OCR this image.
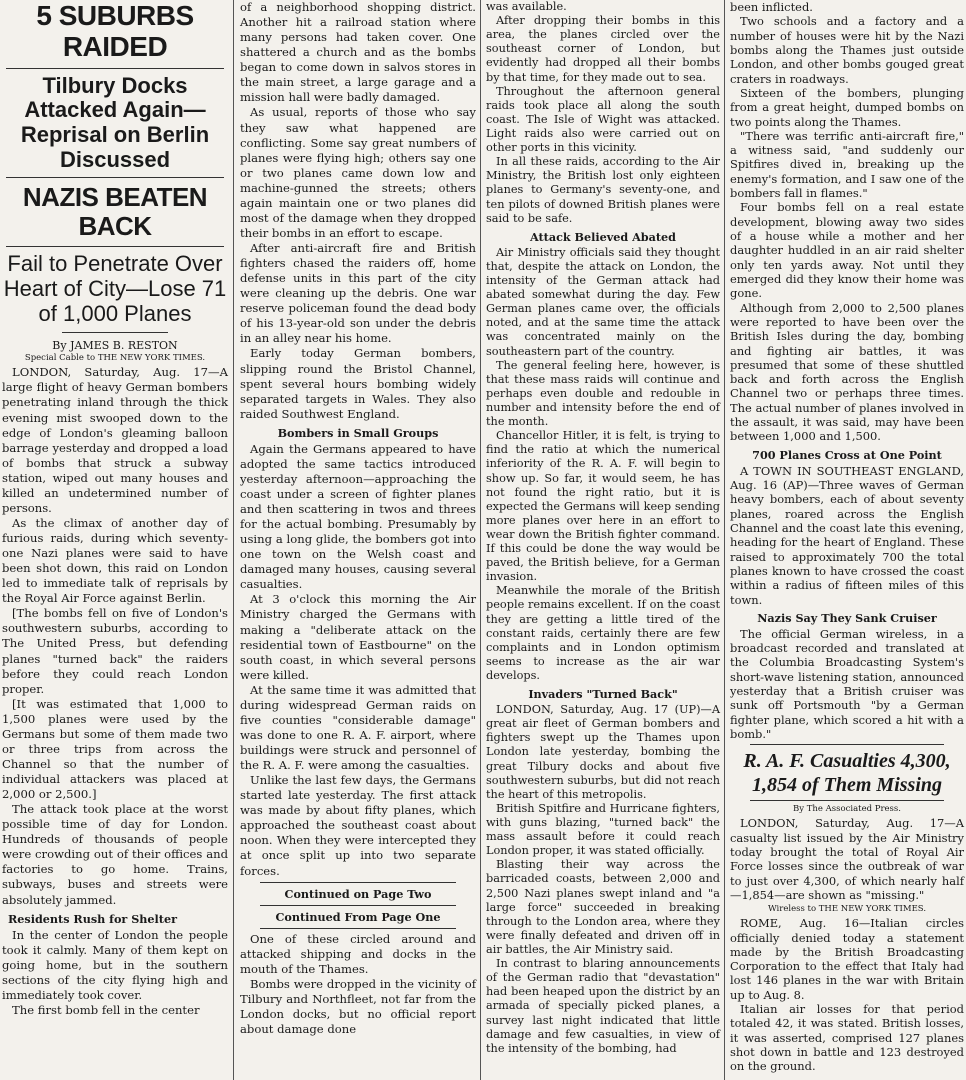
5 SUBURBS RAIDED
Tilbury Docks Attacked Again—Reprisal on Berlin Discussed
NAZIS BEATEN BACK
Fail to Penetrate Over Heart of City—Lose 71 of 1,000 Planes
By JAMES B. RESTON
Special Cable to THE NEW YORK TIMES.

LONDON, Saturday, Aug. 17—A large flight of heavy German bombers penetrating inland through the thick evening mist swooped down to the edge of London's gleaming balloon barrage yesterday and dropped a load of bombs that struck a subway station, wiped out many houses and killed an undetermined number of persons.

As the climax of another day of furious raids, during which seventy-one Nazi planes were said to have been shot down, this raid on London led to immediate talk of reprisals by the Royal Air Force against Berlin.

[The bombs fell on five of London's southwestern suburbs, according to The United Press, but defending planes "turned back" the raiders before they could reach London proper.

[It was estimated that 1,000 to 1,500 planes were used by the Germans but some of them made two or three trips from across the Channel so that the number of individual attackers was placed at 2,000 or 2,500.]

The attack took place at the worst possible time of day for London. Hundreds of thousands of people were crowding out of their offices and factories to go home. Trains, subways, buses and streets were absolutely jammed.

Residents Rush for Shelter

In the center of London the people took it calmly. Many of them kept on going home, but in the southern sections of the city flying high and immediately took cover.

The first bomb fell in the center

of a neighborhood shopping district. Another hit a railroad station where many persons had taken cover. One shattered a church and as the bombs began to come down in salvos stores in the main street, a large garage and a mission hall were badly damaged.

As usual, reports of those who say they saw what happened are conflicting. Some say great numbers of planes were flying high; others say one or two planes came down low and machine-gunned the streets; others again maintain one or two planes did most of the damage when they dropped their bombs in an effort to escape.

After anti-aircraft fire and British fighters chased the raiders off, home defense units in this part of the city were cleaning up the debris. One war reserve policeman found the dead body of his 13-year-old son under the debris in an alley near his home.

Early today German bombers, slipping round the Bristol Channel, spent several hours bombing widely separated targets in Wales. They also raided Southwest England.

Bombers in Small Groups

Again the Germans appeared to have adopted the same tactics introduced yesterday afternoon—approaching the coast under a screen of fighter planes and then scattering in twos and threes for the actual bombing. Presumably by using a long glide, the bombers got into one town on the Welsh coast and damaged many houses, causing several casualties.

At 3 o'clock this morning the Air Ministry charged the Germans with making a "deliberate attack on the residential town of Eastbourne" on the south coast, in which several persons were killed.

At the same time it was admitted that during widespread German raids on five counties "considerable damage" was done to one R. A. F. airport, where buildings were struck and personnel of the R. A. F. were among the casualties.

Unlike the last few days, the Germans started late yesterday. The first attack was made by about fifty planes, which approached the southeast coast about noon. When they were intercepted they at once split up into two separate forces.

Continued on Page Two
Continued From Page One

One of these circled around and attacked shipping and docks in the mouth of the Thames.

Bombs were dropped in the vicinity of Tilbury and Northfleet, not far from the London docks, but no official report about damage done

was available.

After dropping their bombs in this area, the planes circled over the southeast corner of London, but evidently had dropped all their bombs by that time, for they made out to sea.

Throughout the afternoon general raids took place all along the south coast. The Isle of Wight was attacked. Light raids also were carried out on other ports in this vicinity.

In all these raids, according to the Air Ministry, the British lost only eighteen planes to Germany's seventy-one, and ten pilots of downed British planes were said to be safe.

Attack Believed Abated

Air Ministry officials said they thought that, despite the attack on London, the intensity of the German attack had abated somewhat during the day. Few German planes came over, the officials noted, and at the same time the attack was concentrated mainly on the southeastern part of the country.

The general feeling here, however, is that these mass raids will continue and perhaps even double and redouble in number and intensity before the end of the month.

Chancellor Hitler, it is felt, is trying to find the ratio at which the numerical inferiority of the R. A. F. will begin to show up. So far, it would seem, he has not found the right ratio, but it is expected the Germans will keep sending more planes over here in an effort to wear down the British fighter command. If this could be done the way would be paved, the British believe, for a German invasion.

Meanwhile the morale of the British people remains excellent. If on the coast they are getting a little tired of the constant raids, certainly there are few complaints and in London optimism seems to increase as the air war develops.

Invaders "Turned Back"

LONDON, Saturday, Aug. 17 (UP)—A great air fleet of German bombers and fighters swept up the Thames upon London late yesterday, bombing the great Tilbury docks and about five southwestern suburbs, but did not reach the heart of this metropolis.

British Spitfire and Hurricane fighters, with guns blazing, "turned back" the mass assault before it could reach London proper, it was stated officially.

Blasting their way across the barricaded coasts, between 2,000 and 2,500 Nazi planes swept inland and "a large force" succeeded in breaking through to the London area, where they were finally defeated and driven off in air battles, the Air Ministry said.

In contrast to blaring announcements of the German radio that "devastation" had been heaped upon the district by an armada of specially picked planes, a survey last night indicated that little damage and few casualties, in view of the intensity of the bombing, had

been inflicted.

Two schools and a factory and a number of houses were hit by the Nazi bombs along the Thames just outside London, and other bombs gouged great craters in roadways.

Sixteen of the bombers, plunging from a great height, dumped bombs on two points along the Thames.

"There was terrific anti-aircraft fire," a witness said, "and suddenly our Spitfires dived in, breaking up the enemy's formation, and I saw one of the bombers fall in flames."

Four bombs fell on a real estate development, blowing away two sides of a house while a mother and her daughter huddled in an air raid shelter only ten yards away. Not until they emerged did they know their home was gone.

Although from 2,000 to 2,500 planes were reported to have been over the British Isles during the day, bombing and fighting air battles, it was presumed that some of these shuttled back and forth across the English Channel two or perhaps three times. The actual number of planes involved in the assault, it was said, may have been between 1,000 and 1,500.

700 Planes Cross at One Point

A TOWN IN SOUTHEAST ENGLAND, Aug. 16 (AP)—Three waves of German heavy bombers, each of about seventy planes, roared across the English Channel and the coast late this evening, heading for the heart of England. These raised to approximately 700 the total planes known to have crossed the coast within a radius of fifteen miles of this town.

Nazis Say They Sank Cruiser

The official German wireless, in a broadcast recorded and translated at the Columbia Broadcasting System's short-wave listening station, announced yesterday that a British cruiser was sunk off Portsmouth "by a German fighter plane, which scored a hit with a bomb."

R. A. F. Casualties 4,300, 1,854 of Them Missing
By The Associated Press.

LONDON, Saturday, Aug. 17—A casualty list issued by the Air Ministry today brought the total of Royal Air Force losses since the outbreak of war to just over 4,300, of which nearly half—1,854—are shown as "missing."

Wireless to THE NEW YORK TIMES.

ROME, Aug. 16—Italian circles officially denied today a statement made by the British Broadcasting Corporation to the effect that Italy had lost 146 planes in the war with Britain up to Aug. 8.

Italian air losses for that period totaled 42, it was stated. British losses, it was asserted, comprised 127 planes shot down in battle and 123 destroyed on the ground.
